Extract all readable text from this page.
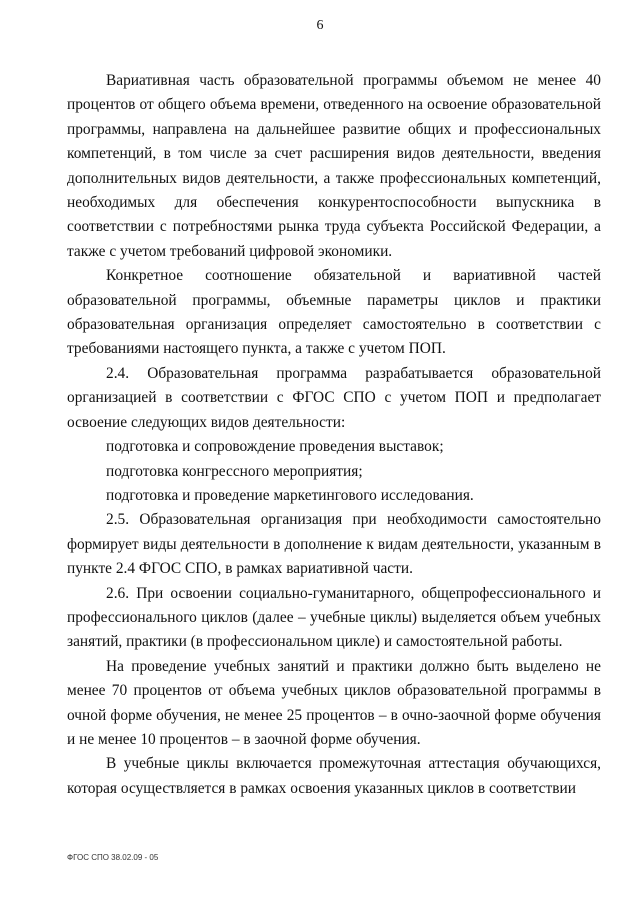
6

Вариативная часть образовательной программы объемом не менее 40 процентов от общего объема времени, отведенного на освоение образовательной программы, направлена на дальнейшее развитие общих и профессиональных компетенций, в том числе за счет расширения видов деятельности, введения дополнительных видов деятельности, а также профессиональных компетенций, необходимых для обеспечения конкурентоспособности выпускника в соответствии с потребностями рынка труда субъекта Российской Федерации, а также с учетом требований цифровой экономики.

Конкретное соотношение обязательной и вариативной частей образовательной программы, объемные параметры циклов и практики образовательная организация определяет самостоятельно в соответствии с требованиями настоящего пункта, а также с учетом ПОП.

2.4. Образовательная программа разрабатывается образовательной организацией в соответствии с ФГОС СПО с учетом ПОП и предполагает освоение следующих видов деятельности:

подготовка и сопровождение проведения выставок;

подготовка конгрессного мероприятия;

подготовка и проведение маркетингового исследования.

2.5. Образовательная организация при необходимости самостоятельно формирует виды деятельности в дополнение к видам деятельности, указанным в пункте 2.4 ФГОС СПО, в рамках вариативной части.

2.6. При освоении социально-гуманитарного, общепрофессионального и профессионального циклов (далее – учебные циклы) выделяется объем учебных занятий, практики (в профессиональном цикле) и самостоятельной работы.

На проведение учебных занятий и практики должно быть выделено не менее 70 процентов от объема учебных циклов образовательной программы в очной форме обучения, не менее 25 процентов – в очно-заочной форме обучения и не менее 10 процентов – в заочной форме обучения.

В учебные циклы включается промежуточная аттестация обучающихся, которая осуществляется в рамках освоения указанных циклов в соответствии

ФГОС СПО 38.02.09 - 05
